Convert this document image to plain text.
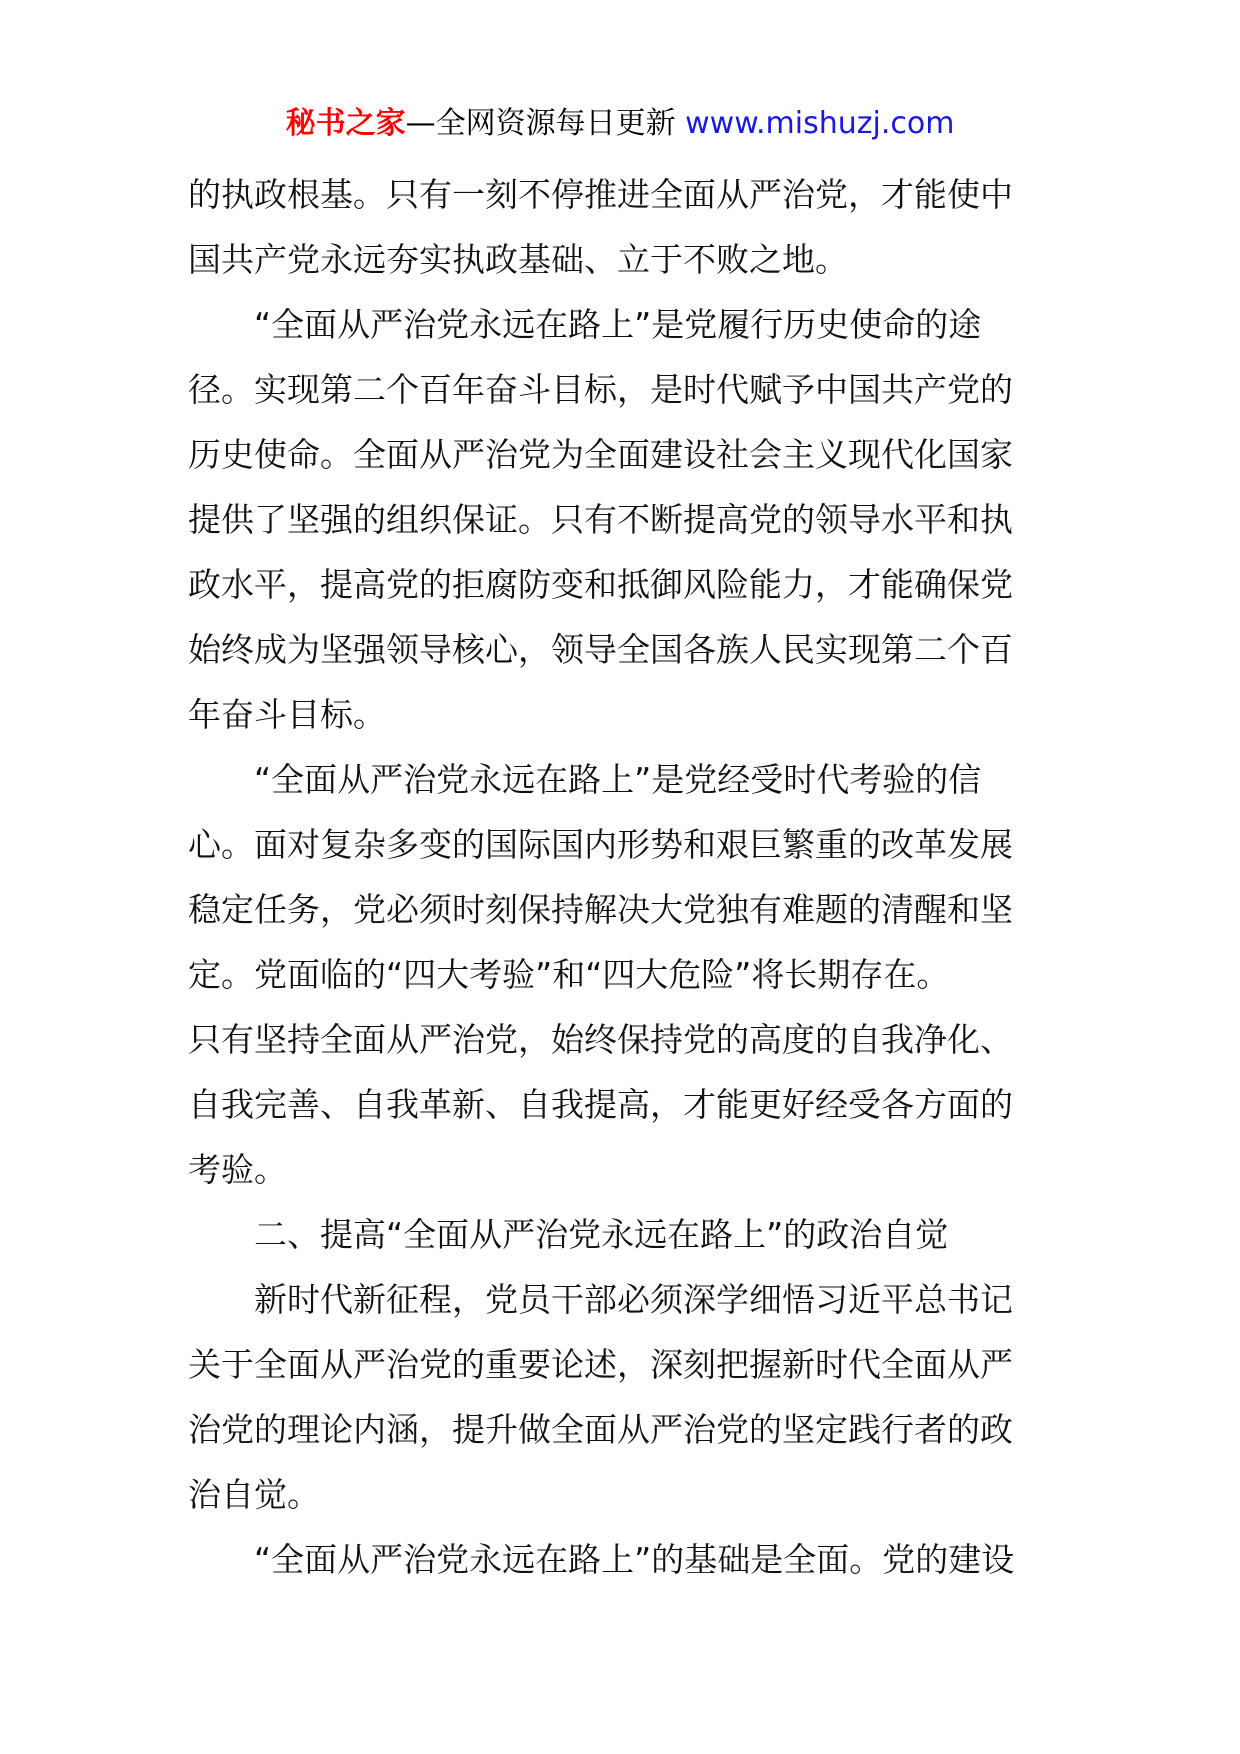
秘书之家—全网资源每日更新 www.mishuzj.com
的执政根基。只有一刻不停推进全面从严治党，才能使中
国共产党永远夯实执政基础、立于不败之地。
“全面从严治党永远在路上”是党履行历史使命的途
径。实现第二个百年奋斗目标，是时代赋予中国共产党的
历史使命。全面从严治党为全面建设社会主义现代化国家
提供了坚强的组织保证。只有不断提高党的领导水平和执
政水平，提高党的拒腐防变和抵御风险能力，才能确保党
始终成为坚强领导核心，领导全国各族人民实现第二个百
年奋斗目标。
“全面从严治党永远在路上”是党经受时代考验的信
心。面对复杂多变的国际国内形势和艰巨繁重的改革发展
稳定任务，党必须时刻保持解决大党独有难题的清醒和坚
定。党面临的“四大考验”和“四大危险”将长期存在。
只有坚持全面从严治党，始终保持党的高度的自我净化、
自我完善、自我革新、自我提高，才能更好经受各方面的
考验。
二、提高“全面从严治党永远在路上”的政治自觉
新时代新征程，党员干部必须深学细悟习近平总书记
关于全面从严治党的重要论述，深刻把握新时代全面从严
治党的理论内涵，提升做全面从严治党的坚定践行者的政
治自觉。
“全面从严治党永远在路上”的基础是全面。党的建设
